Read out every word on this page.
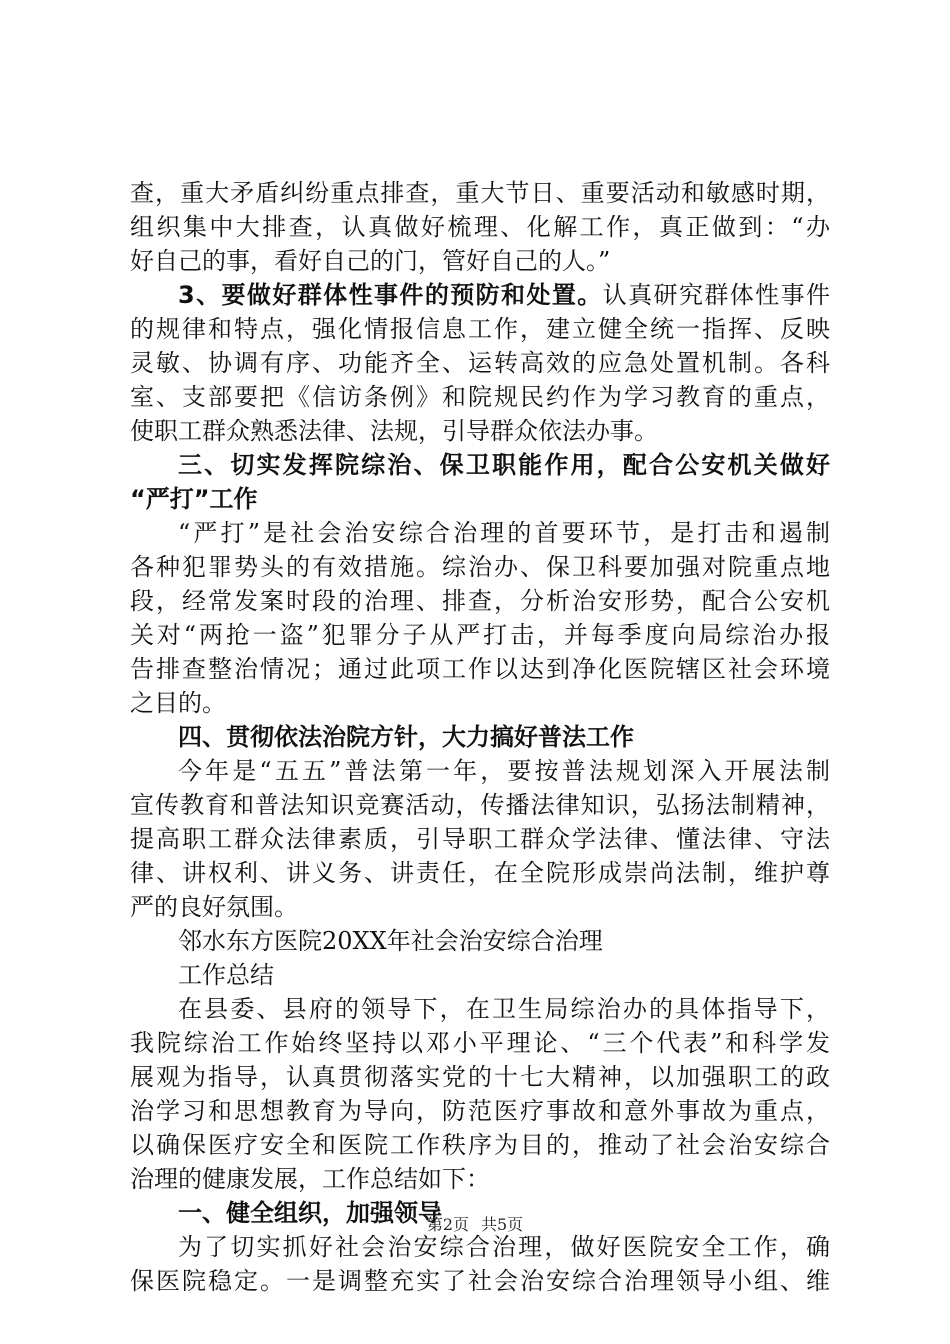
查，重大矛盾纠纷重点排查，重大节日、重要活动和敏感时期，
组织集中大排查，认真做好梳理、化解工作，真正做到：“办
好自己的事，看好自己的门，管好自己的人。”
3、要做好群体性事件的预防和处置。认真研究群体性事件
的规律和特点，强化情报信息工作，建立健全统一指挥、反映
灵敏、协调有序、功能齐全、运转高效的应急处置机制。各科
室、支部要把《信访条例》和院规民约作为学习教育的重点，
使职工群众熟悉法律、法规，引导群众依法办事。
三、切实发挥院综治、保卫职能作用，配合公安机关做好
“严打”工作
“严打”是社会治安综合治理的首要环节，是打击和遏制
各种犯罪势头的有效措施。综治办、保卫科要加强对院重点地
段，经常发案时段的治理、排查，分析治安形势，配合公安机
关对“两抢一盗”犯罪分子从严打击，并每季度向局综治办报
告排查整治情况；通过此项工作以达到净化医院辖区社会环境
之目的。
四、贯彻依法治院方针，大力搞好普法工作
今年是“五五”普法第一年，要按普法规划深入开展法制
宣传教育和普法知识竞赛活动，传播法律知识，弘扬法制精神，
提高职工群众法律素质，引导职工群众学法律、懂法律、守法
律、讲权利、讲义务、讲责任，在全院形成崇尚法制，维护尊
严的良好氛围。
邻水东方医院20XX年社会治安综合治理
工作总结
在县委、县府的领导下，在卫生局综治办的具体指导下，
我院综治工作始终坚持以邓小平理论、“三个代表”和科学发
展观为指导，认真贯彻落实党的十七大精神，以加强职工的政
治学习和思想教育为导向，防范医疗事故和意外事故为重点，
以确保医疗安全和医院工作秩序为目的，推动了社会治安综合
治理的健康发展，工作总结如下：
一、健全组织，加强领导
为了切实抓好社会治安综合治理，做好医院安全工作，确
保医院稳定。一是调整充实了社会治安综合治理领导小组、维
第2页 共5页
